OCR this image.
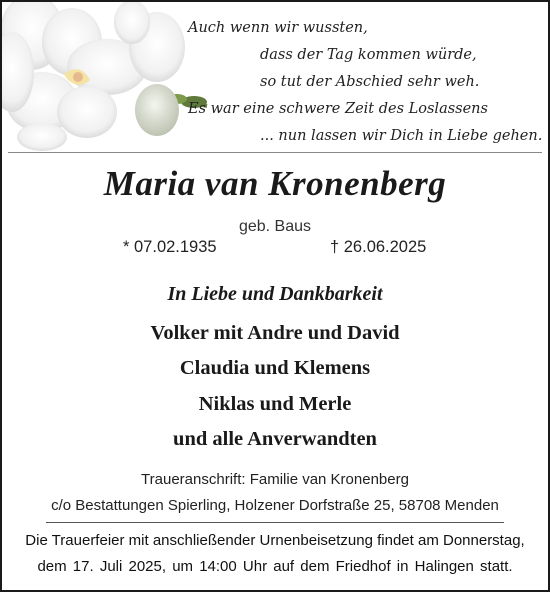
Auch wenn wir wussten,
dass der Tag kommen würde,
so tut der Abschied sehr weh.
Es war eine schwere Zeit des Loslassens
... nun lassen wir Dich in Liebe gehen.
Maria van Kronenberg
geb. Baus
* 07.02.1935	† 26.06.2025
In Liebe und Dankbarkeit
Volker mit Andre und David
Claudia und Klemens
Niklas und Merle
und alle Anverwandten
Traueranschrift: Familie van Kronenberg
c/o Bestattungen Spierling, Holzener Dorfstraße 25, 58708 Menden
Die Trauerfeier mit anschließender Urnenbeisetzung findet am Donnerstag,
dem 17. Juli 2025, um 14:00 Uhr auf dem Friedhof in Halingen statt.
